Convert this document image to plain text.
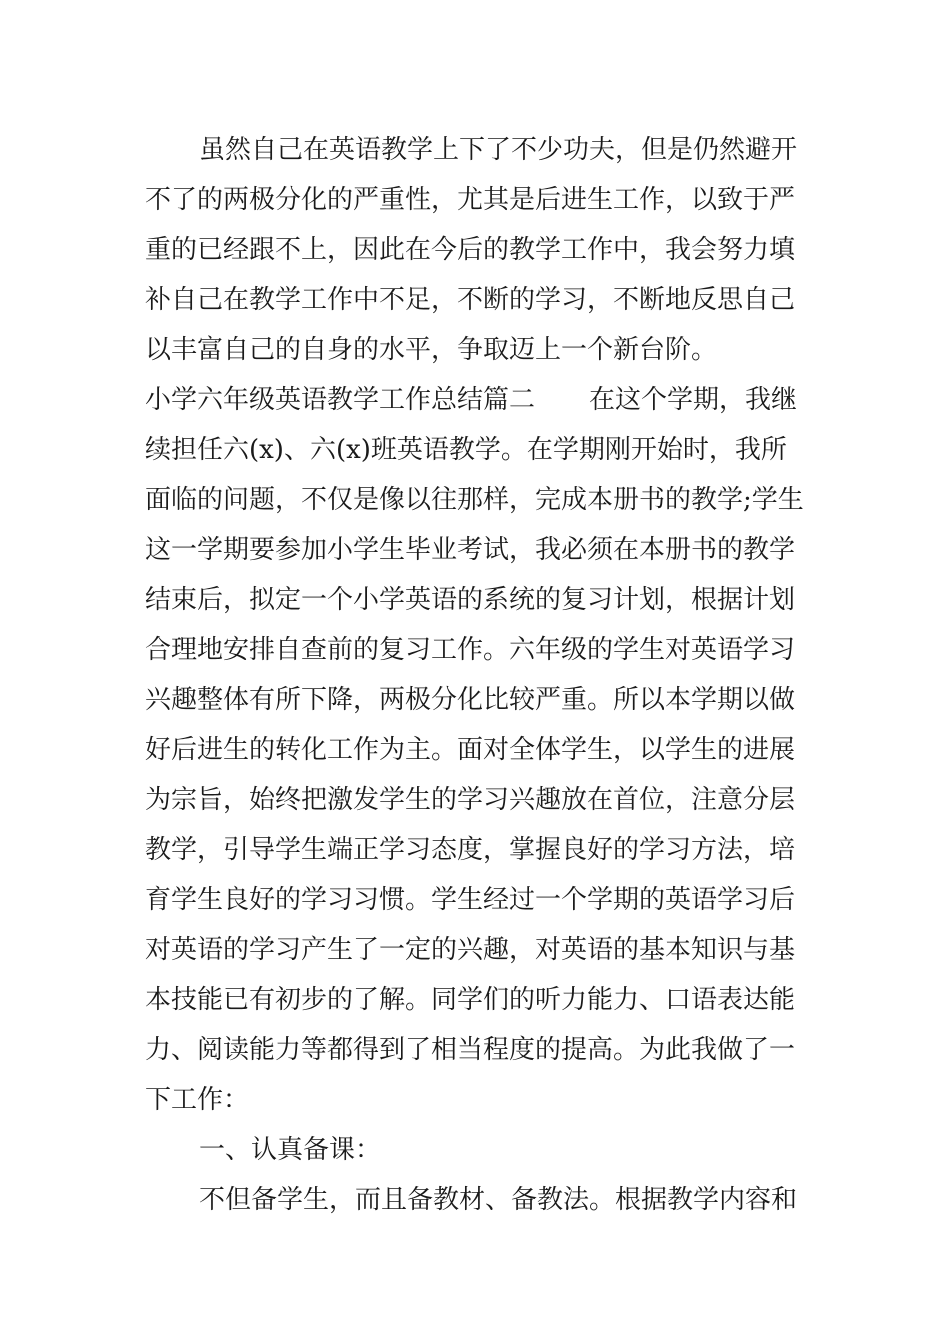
虽然自己在英语教学上下了不少功夫，但是仍然避开
不了的两极分化的严重性，尤其是后进生工作，以致于严
重的已经跟不上，因此在今后的教学工作中，我会努力填
补自己在教学工作中不足，不断的学习，不断地反思自己
以丰富自己的自身的水平，争取迈上一个新台阶。
小学六年级英语教学工作总结篇二 在这个学期，我继
续担任六(x)、六(x)班英语教学。在学期刚开始时，我所
面临的问题，不仅是像以往那样，完成本册书的教学;学生
这一学期要参加小学生毕业考试，我必须在本册书的教学
结束后，拟定一个小学英语的系统的复习计划，根据计划
合理地安排自查前的复习工作。六年级的学生对英语学习
兴趣整体有所下降，两极分化比较严重。所以本学期以做
好后进生的转化工作为主。面对全体学生，以学生的进展
为宗旨，始终把激发学生的学习兴趣放在首位，注意分层
教学，引导学生端正学习态度，掌握良好的学习方法，培
育学生良好的学习习惯。学生经过一个学期的英语学习后
对英语的学习产生了一定的兴趣，对英语的基本知识与基
本技能已有初步的了解。同学们的听力能力、口语表达能
力、阅读能力等都得到了相当程度的提高。为此我做了一
下工作：
一、认真备课：
不但备学生，而且备教材、备教法。根据教学内容和
